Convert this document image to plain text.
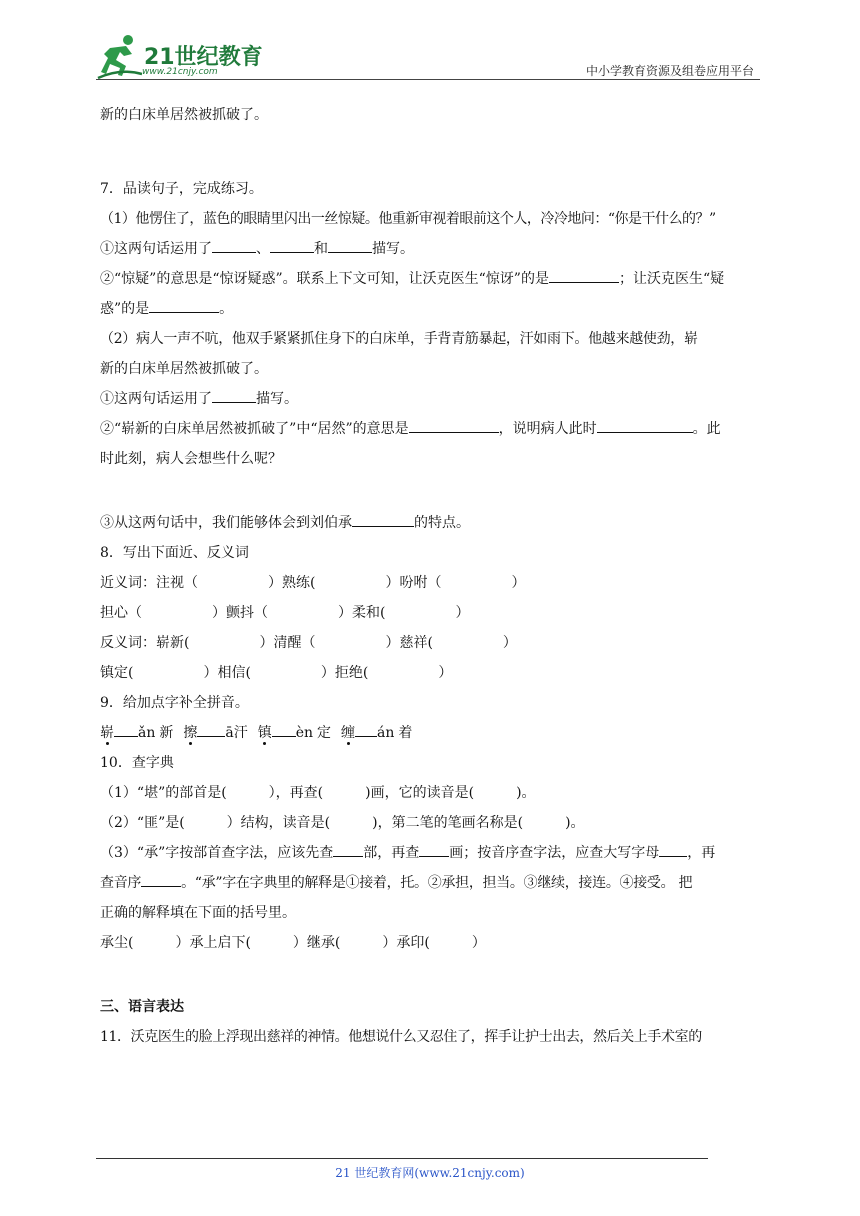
21世纪教育
www.21cnjy.com	中小学教育资源及组卷应用平台
新的白床单居然被抓破了。
7．品读句子，完成练习。
（1）他愣住了，蓝色的眼睛里闪出一丝惊疑。他重新审视着眼前这个人，冷冷地问：“你是干什么的？”
①这两句话运用了	、	和	描写。
②“惊疑”的意思是“惊讶疑惑”。联系上下文可知，让沃克医生“惊讶”的是	；让沃克医生“疑
惑”的是	。
（2）病人一声不吭，他双手紧紧抓住身下的白床单，手背青筋暴起，汗如雨下。他越来越使劲，崭
新的白床单居然被抓破了。
①这两句话运用了	描写。
②“崭新的白床单居然被抓破了”中“居然”的意思是	，说明病人此时	。此
时此刻，病人会想些什么呢？
③从这两句话中，我们能够体会到刘伯承	的特点。
8．写出下面近、反义词
近义词：注视（　　　　　）熟练(　　　　　）吩咐（　　　　　）
担心（　　　　　）颤抖（　　　　　）柔和(　　　　　）
反义词：崭新(　　　　　）清醒（　　　　　）慈祥(　　　　　）
镇定(　　　　　）相信(　　　　　）拒绝(　　　　　）
9．给加点字补全拼音。
崭 ǎn 新 擦 ā汗 镇 èn 定 缠 án 着
10．查字典
（1）“堪”的部首是(　　　），再查(　　　)画，它的读音是(　　　)。
（2）“匪”是(　　　）结构，读音是(　　　)，第二笔的笔画名称是(　　　)。
（3）“承”字按部首查字法，应该先查 部，再查 画；按音序查字法，应查大写字母 ，再
查音序	。“承”字在字典里的解释是①接着，托。②承担，担当。③继续，接连。④接受。 把
正确的解释填在下面的括号里。
承尘(　　　）承上启下(　　　）继承(　　　）承印(　　　）
三、语言表达
11．沃克医生的脸上浮现出慈祥的神情。他想说什么又忍住了，挥手让护士出去，然后关上手术室的
21 世纪教育网(www.21cnjy.com)
